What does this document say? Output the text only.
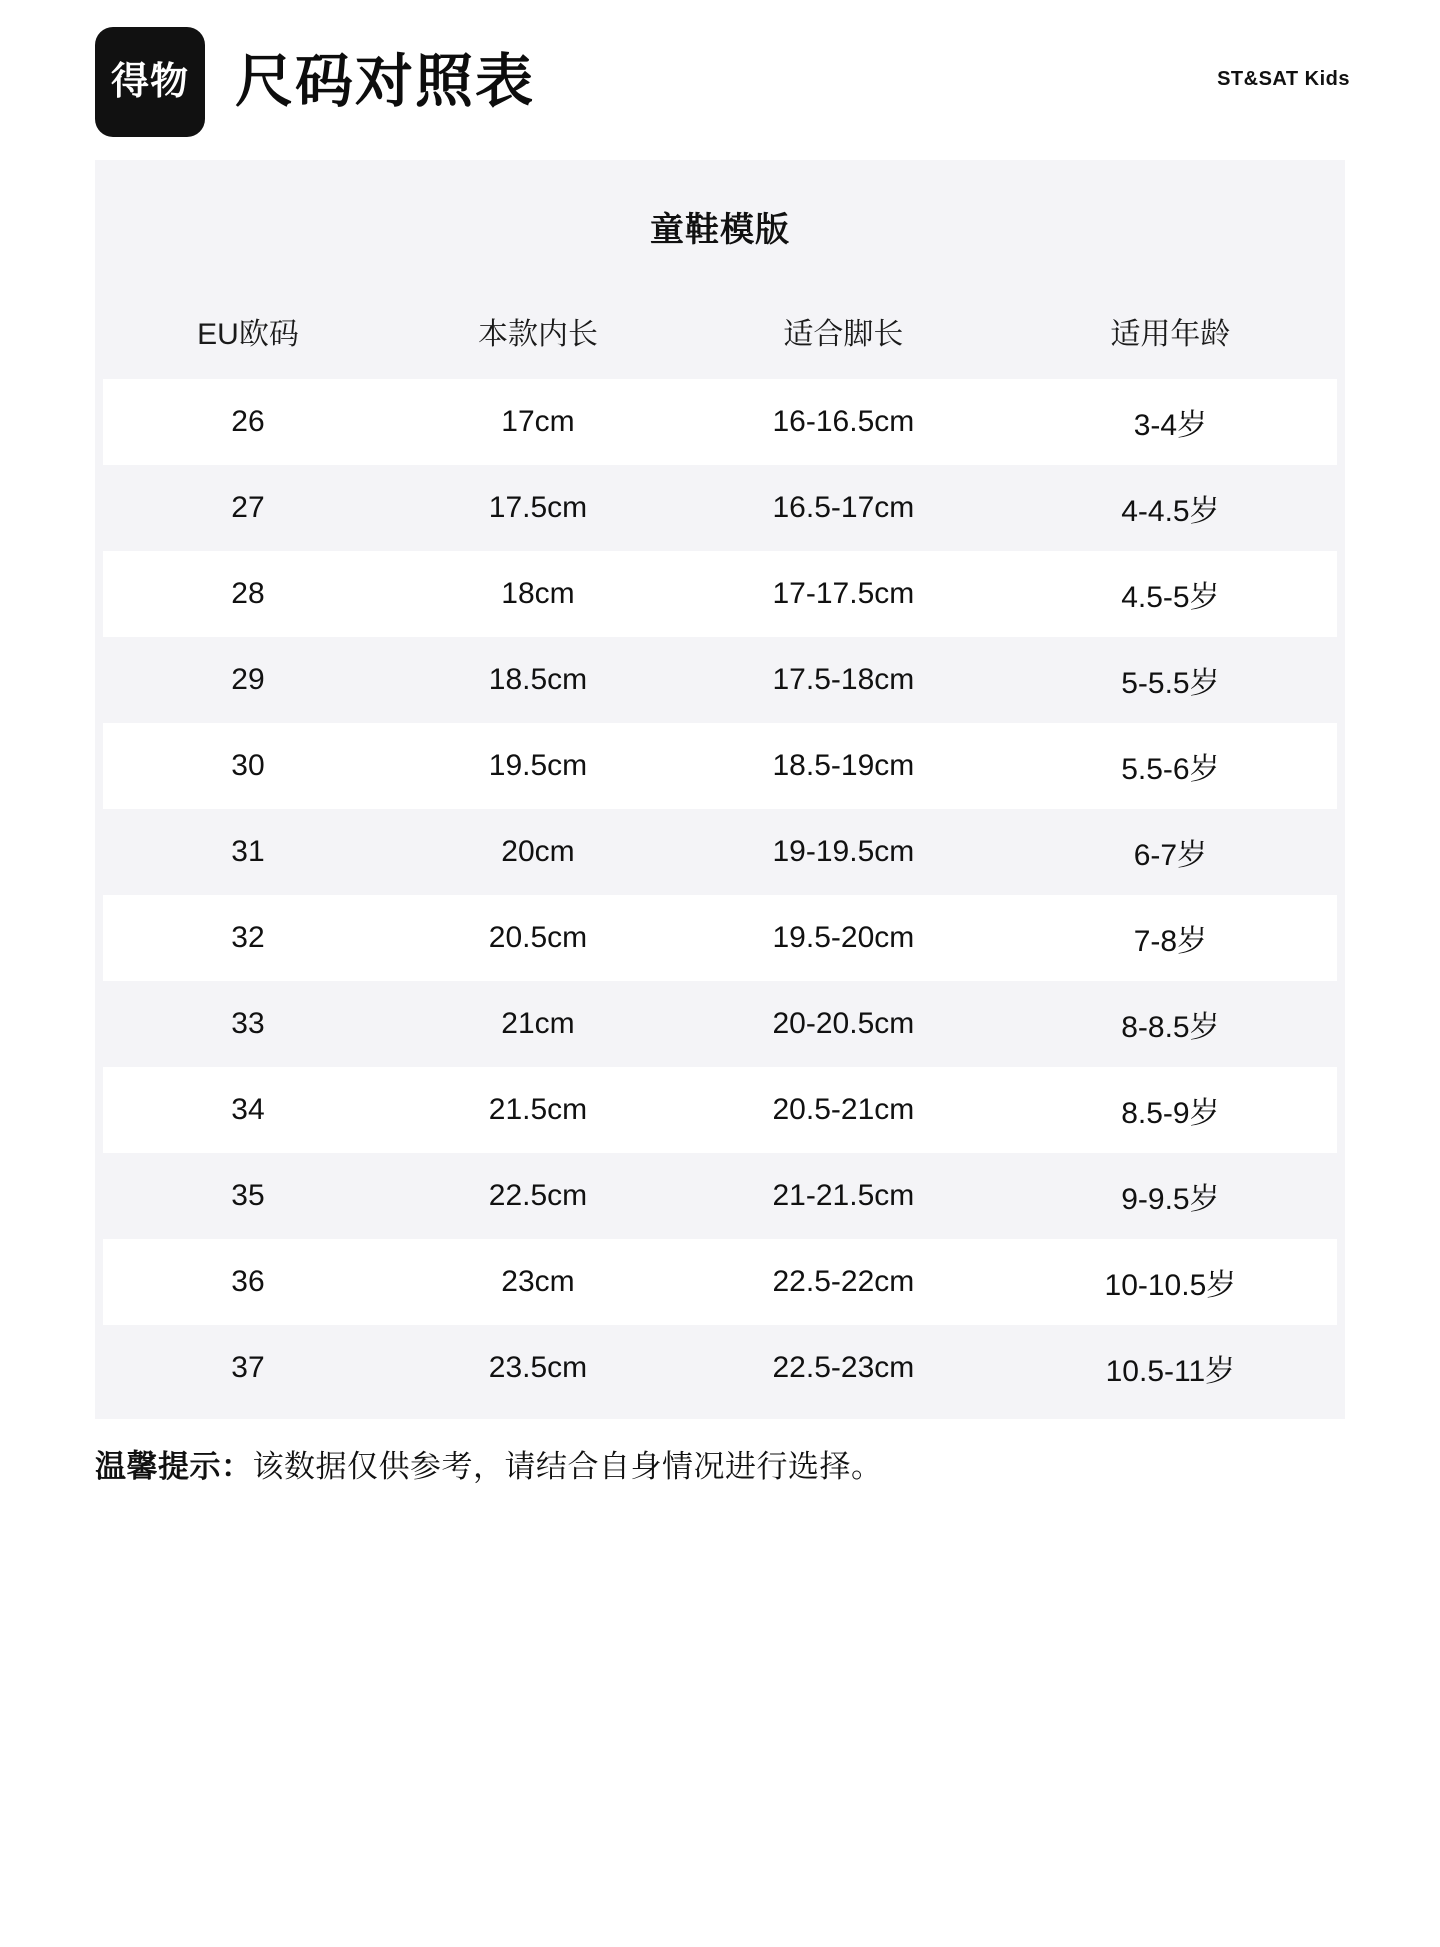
得物 尺码对照表	ST&SAT Kids
童鞋模版
EU欧码	本款内长	适合脚长	适用年龄
26	17cm	16-16.5cm	3-4岁
27	17.5cm	16.5-17cm	4-4.5岁
28	18cm	17-17.5cm	4.5-5岁
29	18.5cm	17.5-18cm	5-5.5岁
30	19.5cm	18.5-19cm	5.5-6岁
31	20cm	19-19.5cm	6-7岁
32	20.5cm	19.5-20cm	7-8岁
33	21cm	20-20.5cm	8-8.5岁
34	21.5cm	20.5-21cm	8.5-9岁
35	22.5cm	21-21.5cm	9-9.5岁
36	23cm	22.5-22cm	10-10.5岁
37	23.5cm	22.5-23cm	10.5-11岁
温馨提示：该数据仅供参考，请结合自身情况进行选择。
